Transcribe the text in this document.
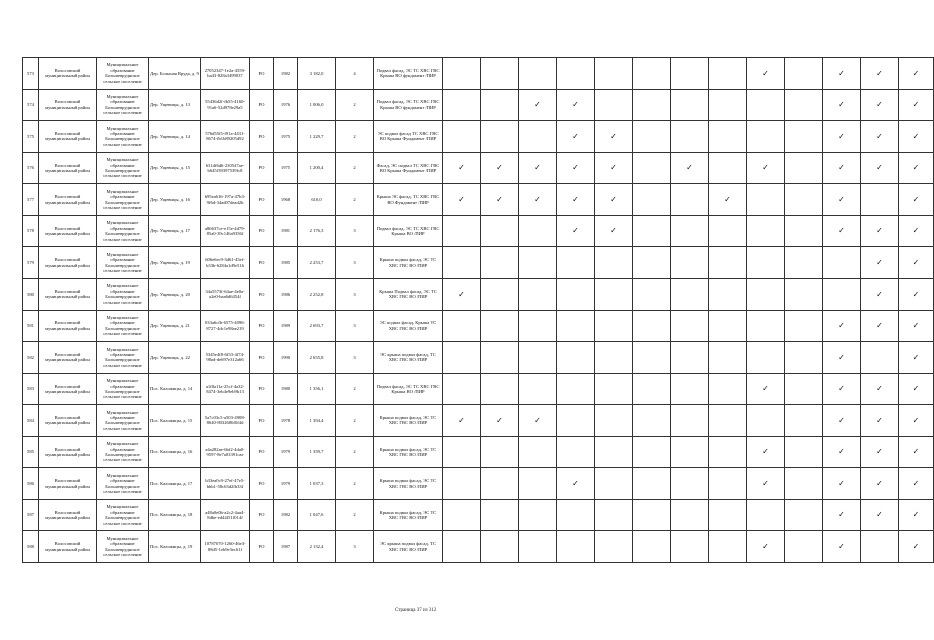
573	Волосовский муниципальный район	Муниципальное образование Большевруднское сельское поселение	Дер. Большая Вруда, д. 9	27052347-1e2a-4559-ba43-828a3499037	РО	1982	3 182,0	4	Подвал фасад, ЭС ТС ХВС ГВС Крыша ВО фундамент /ПИР									✓		✓	✓	✓
574	Волосовский муниципальный район	Муниципальное образование Большевруднское сельское поселение	Дер. Ущевицы, д. 13	55436d2f-fb55-4160-91a6-52d978e29a5	РО	1976	1 006,0	2	Подвал фасад, ЭС ТС ХВС ГВС Крыша ВО фундамент /ПИР			✓	✓							✓	✓	✓
575	Волосовский муниципальный район	Муниципальное образование Большевруднское сельское поселение	Дер. Ущевицы, д. 14	576d55f5-f91a-4431-8674-fb1b89205d92	РО	1975	1 229,7	2	ЭС подвал фасад ТС ХВС ГВС ВО Крыша Фундамент /ПИР				✓	✓						✓	✓	✓
576	Волосовский муниципальный район	Муниципальное образование Большевруднское сельское поселение	Дер. Ущевицы, д. 15	631df6d6-230547ae-b645f39397539fc8	РО	1975	1 200,4	2	Фасад, ЭС подвал ТС ХВС ГВС ВО Крыша Фундамент /ПИР	✓	✓	✓	✓	✓		✓		✓		✓	✓	✓
577	Волосовский муниципальный район	Муниципальное образование Большевруднское сельское поселение	Дер. Ущевицы, д. 16	b95ea616-197a-47b3-9f6d-34ad07dead2b	РО	1968	610,0	2	Крыша ЭС фасад, ТС ХВС ГВС ВО Фундамент /ПИР	✓	✓	✓	✓	✓			✓			✓		✓
578	Волосовский муниципальный район	Муниципальное образование Большевруднское сельское поселение	Дер. Ущевицы, д. 17	a86637ce-e15e-4d79-85a0-39c146a9356f	РО	1981	2 176,3	3	Подвал фасад, ЭС ТС ХВС ГВС Крыша ВО /ПИР				✓	✓						✓	✓	✓
579	Волосовский муниципальный район	Муниципальное образование Большевруднское сельское поселение	Дер. Ущевицы, д. 19	606e6ec9-3d61-45ef-b33b-6284a1d9e516	РО	1985	2 253,7	3	Крыша подвал фасад, ЭС ТС ХВС ГВС ВО /ПИР												✓	✓
580	Волосовский муниципальный район	Муниципальное образование Большевруднское сельское поселение	Дер. Ущевицы, д. 20	34a5573f-64ae-4e0a-a2e0-baa6d6454f	РО	1986	2 252,8	3	Крыша Подвал фасад, ЭС ТС ХВС ГВС ВО /ПИР	✓											✓	✓
581	Волосовский муниципальный район	Муниципальное образование Большевруднское сельское поселение	Дер. Ущевицы, д. 21	033a6cfb-6575-4096-8727-4dc1e98ae219	РО	1989	2 693,7	3	ЭС подвал фасад, Крыша ТС ХВС ГВС ВО /ПИР											✓	✓	✓
582	Волосовский муниципальный район	Муниципальное образование Большевруднское сельское поселение	Дер. Ущевицы, д. 22	5345e4f8-6f53-4f74-98ad-de697e312a66	РО	1990	2 655,8	3	ЭС крыша подвал фасад, ТС ХВС ГВС ВО /ПИР											✓		✓
583	Волосовский муниципальный район	Муниципальное образование Большевруднское сельское поселение	Пос. Каложицы, д. 14	a1f8a11a-25cf-4a32-8474-3eb4e9eb9b13	РО	1980	1 356,1	2	Подвал фасад, ЭС ТС ХВС ГВС Крыша ВО /ПИР									✓		✓	✓	✓
584	Волосовский муниципальный район	Муниципальное образование Большевруднское сельское поселение	Пос. Каложицы, д. 15	5a7c03c5-a503-4908-8640-8032686f0f4d	РО	1978	1 394,4	2	Крыша подвал фасад, ЭС ТС ХВС ГВС ВО /ПИР	✓	✓	✓								✓	✓	✓
585	Волосовский муниципальный район	Муниципальное образование Большевруднское сельское поселение	Пос. Каложицы, д. 16	a4a282ae-6bf2-4da0-9597-8e7a03391cae	РО	1979	1 359,7	2	Крыша подвал фасад, ЭС ТС ХВС ГВС ВО /ПИР									✓		✓	✓	✓
586	Волосовский муниципальный район	Муниципальное образование Большевруднское сельское поселение	Пос. Каложицы, д. 17	b33ea0c9-27ef-47e5-bbb1-58c63d2fb33f	РО	1979	1 037,3	2	Крыша подвал фасад, ЭС ТС ХВС ГВС ВО /ПИР				✓					✓		✓	✓	✓
587	Волосовский муниципальный район	Муниципальное образование Большевруднское сельское поселение	Пос. Каложицы, д. 18	a48a0e0b-a2c2-4aa4-8dbe-ed44f51f014f	РО	1982	1 047,6	2	Крыша подвал фасад, ЭС ТС ХВС ГВС ВО /ПИР											✓	✓	✓
588	Волосовский муниципальный район	Муниципальное образование Большевруднское сельское поселение	Пос. Каложицы, д. 19	10787070-1260-46e3-88d5-1eb9e3ec61f	РО	1987	2 132,4	3	ЭС крыша подвал фасад, ТС ХВС ГВС ВО /ПИР									✓		✓		✓
Страница 37 из 312
